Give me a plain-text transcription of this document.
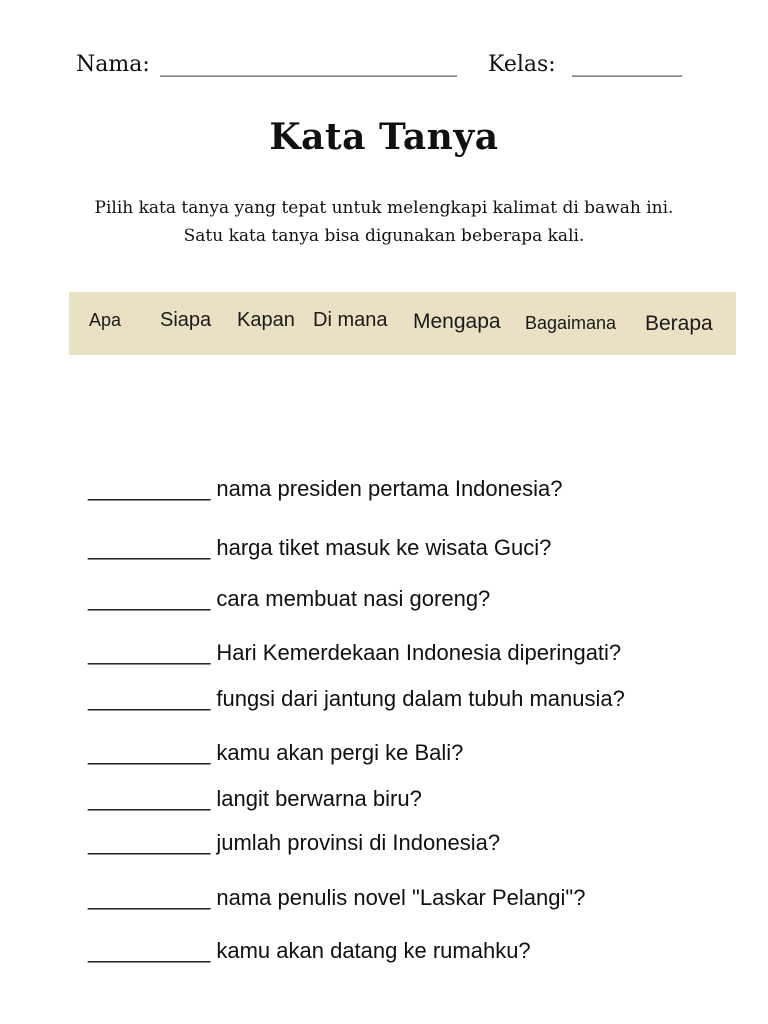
Nama: ___________________________ Kelas: __________
Kata Tanya

Pilih kata tanya yang tepat untuk melengkapi kalimat di bawah ini. Satu kata tanya bisa digunakan beberapa kali.

Apa Siapa Kapan Di mana Mengapa Bagaimana Berapa
__________ nama presiden pertama Indonesia?
__________ harga tiket masuk ke wisata Guci?
__________ cara membuat nasi goreng?
__________ Hari Kemerdekaan Indonesia diperingati?
__________ fungsi dari jantung dalam tubuh manusia?
__________ kamu akan pergi ke Bali?
__________ langit berwarna biru?
__________ jumlah provinsi di Indonesia?
__________ nama penulis novel "Laskar Pelangi"?
__________ kamu akan datang ke rumahku?
